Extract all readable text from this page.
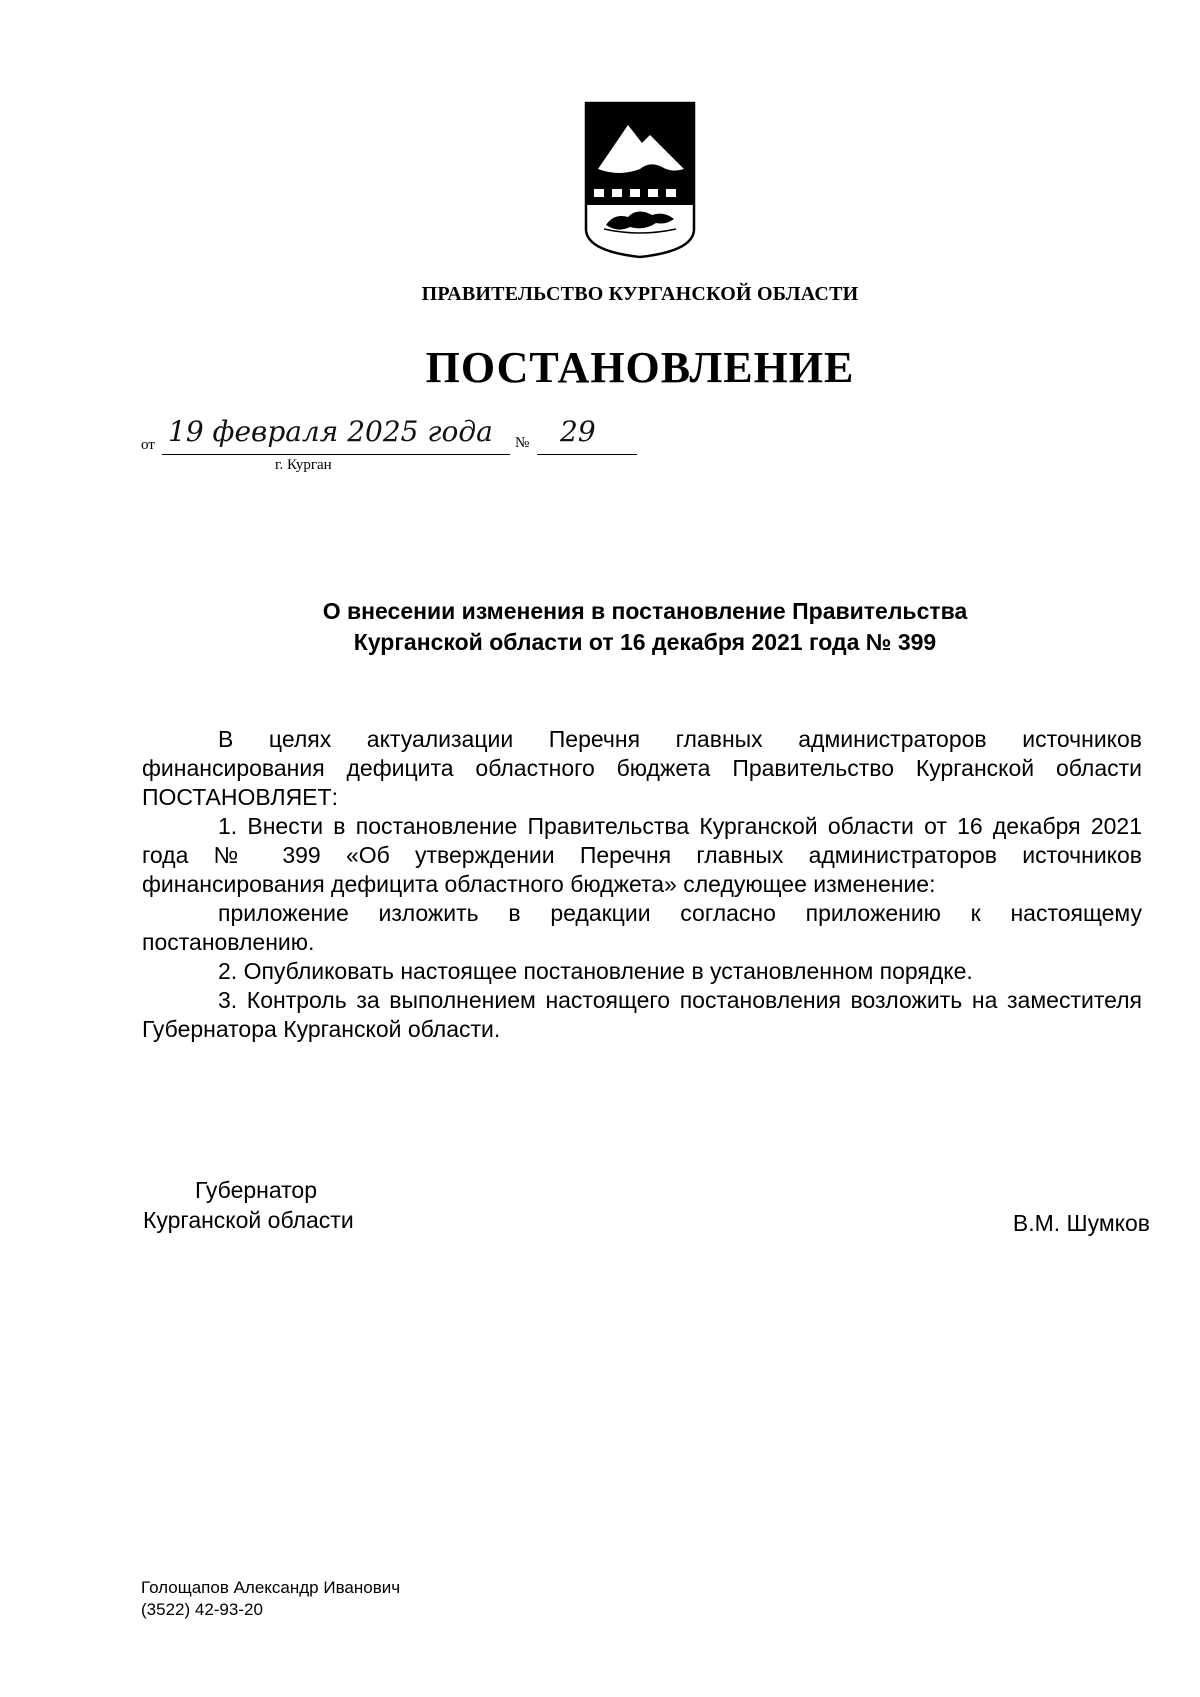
ПРАВИТЕЛЬСТВО КУРГАНСКОЙ ОБЛАСТИ

ПОСТАНОВЛЕНИЕ

от 19 февраля 2025 года
г. Курган
№ 29
О внесении изменения в постановление Правительства
Курганской области от 16 декабря 2021 года № 399

В целях актуализации Перечня главных администраторов источников финансирования дефицита областного бюджета Правительство Курганской области ПОСТАНОВЛЯЕТ:

1. Внести в постановление Правительства Курганской области от 16 декабря 2021 года № 399 «Об утверждении Перечня главных администраторов источников финансирования дефицита областного бюджета» следующее изменение:

приложение изложить в редакции согласно приложению к настоящему постановлению.

2. Опубликовать настоящее постановление в установленном порядке.

3. Контроль за выполнением настоящего постановления возложить на заместителя Губернатора Курганской области.

Губернатор
Курганской области	В.М. Шумков
Голощапов Александр Иванович
(3522) 42-93-20
